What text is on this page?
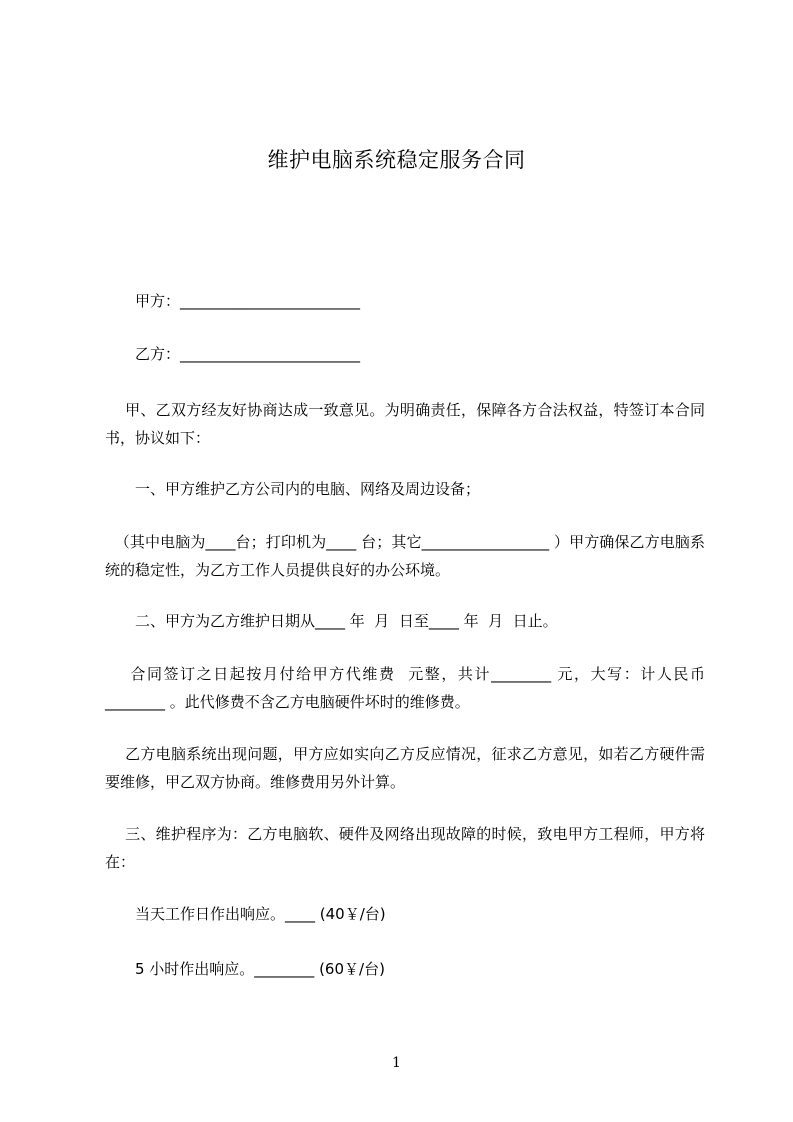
维护电脑系统稳定服务合同
甲方：________________________
乙方：________________________
甲、乙双方经友好协商达成一致意见。为明确责任，保障各方合法权益，特签订本合同书，协议如下：
一、甲方维护乙方公司内的电脑、网络及周边设备；
（其中电脑为____台；打印机为____ 台；其它_________________ ）甲方确保乙方电脑系统的稳定性，为乙方工作人员提供良好的办公环境。
二、甲方为乙方维护日期从____ 年  月  日至____ 年  月  日止。
合同签订之日起按月付给甲方代维费  元整，共计________ 元，大写：计人民币________ 。此代修费不含乙方电脑硬件坏时的维修费。
乙方电脑系统出现问题，甲方应如实向乙方反应情况，征求乙方意见，如若乙方硬件需要维修，甲乙双方协商。维修费用另外计算。
三、维护程序为：乙方电脑软、硬件及网络出现故障的时候，致电甲方工程师，甲方将在：
当天工作日作出响应。____ (40￥/台)
5 小时作出响应。________ (60￥/台)
1
